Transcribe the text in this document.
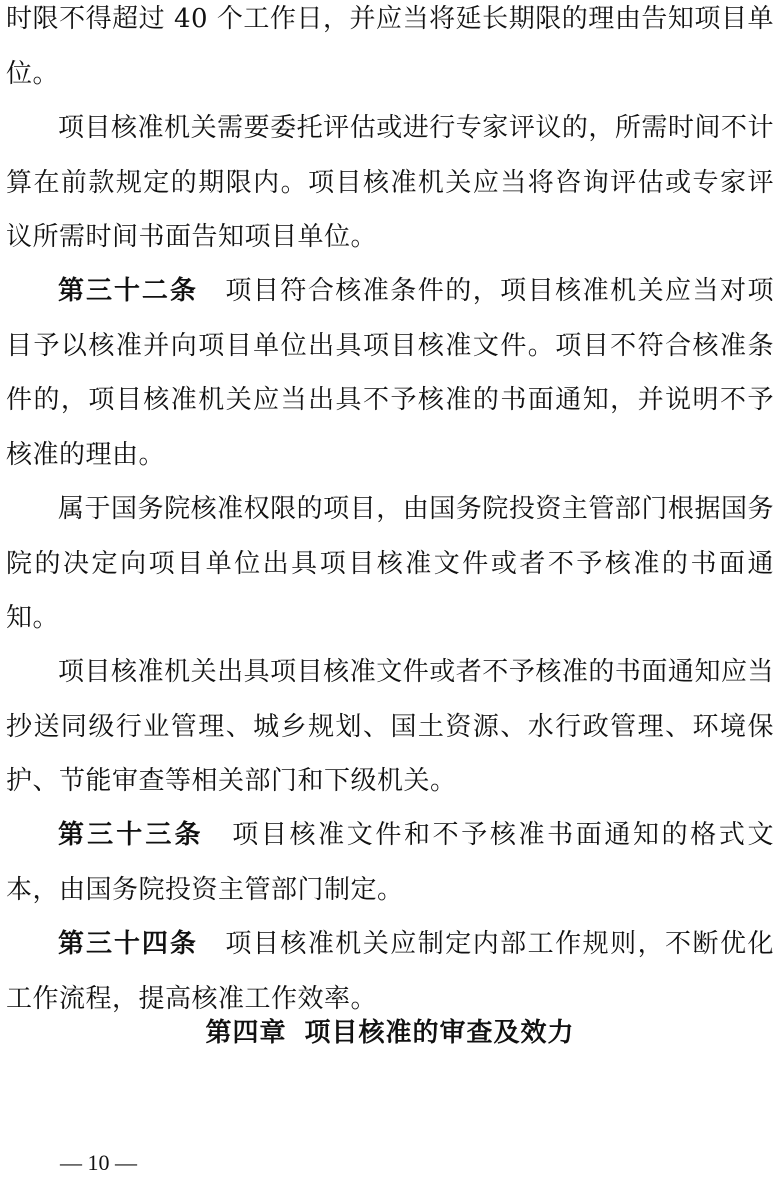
时限不得超过 40 个工作日，并应当将延长期限的理由告知项目单位。

项目核准机关需要委托评估或进行专家评议的，所需时间不计算在前款规定的期限内。项目核准机关应当将咨询评估或专家评议所需时间书面告知项目单位。

第三十二条　 项目符合核准条件的，项目核准机关应当对项目予以核准并向项目单位出具项目核准文件。项目不符合核准条件的，项目核准机关应当出具不予核准的书面通知，并说明不予核准的理由。

属于国务院核准权限的项目，由国务院投资主管部门根据国务院的决定向项目单位出具项目核准文件或者不予核准的书面通知。

项目核准机关出具项目核准文件或者不予核准的书面通知应当抄送同级行业管理、城乡规划、国土资源、水行政管理、环境保护、节能审查等相关部门和下级机关。

第三十三条　 项目核准文件和不予核准书面通知的格式文本，由国务院投资主管部门制定。

第三十四条　 项目核准机关应制定内部工作规则，不断优化工作流程，提高核准工作效率。

第四章 项目核准的审查及效力
— 10 —
